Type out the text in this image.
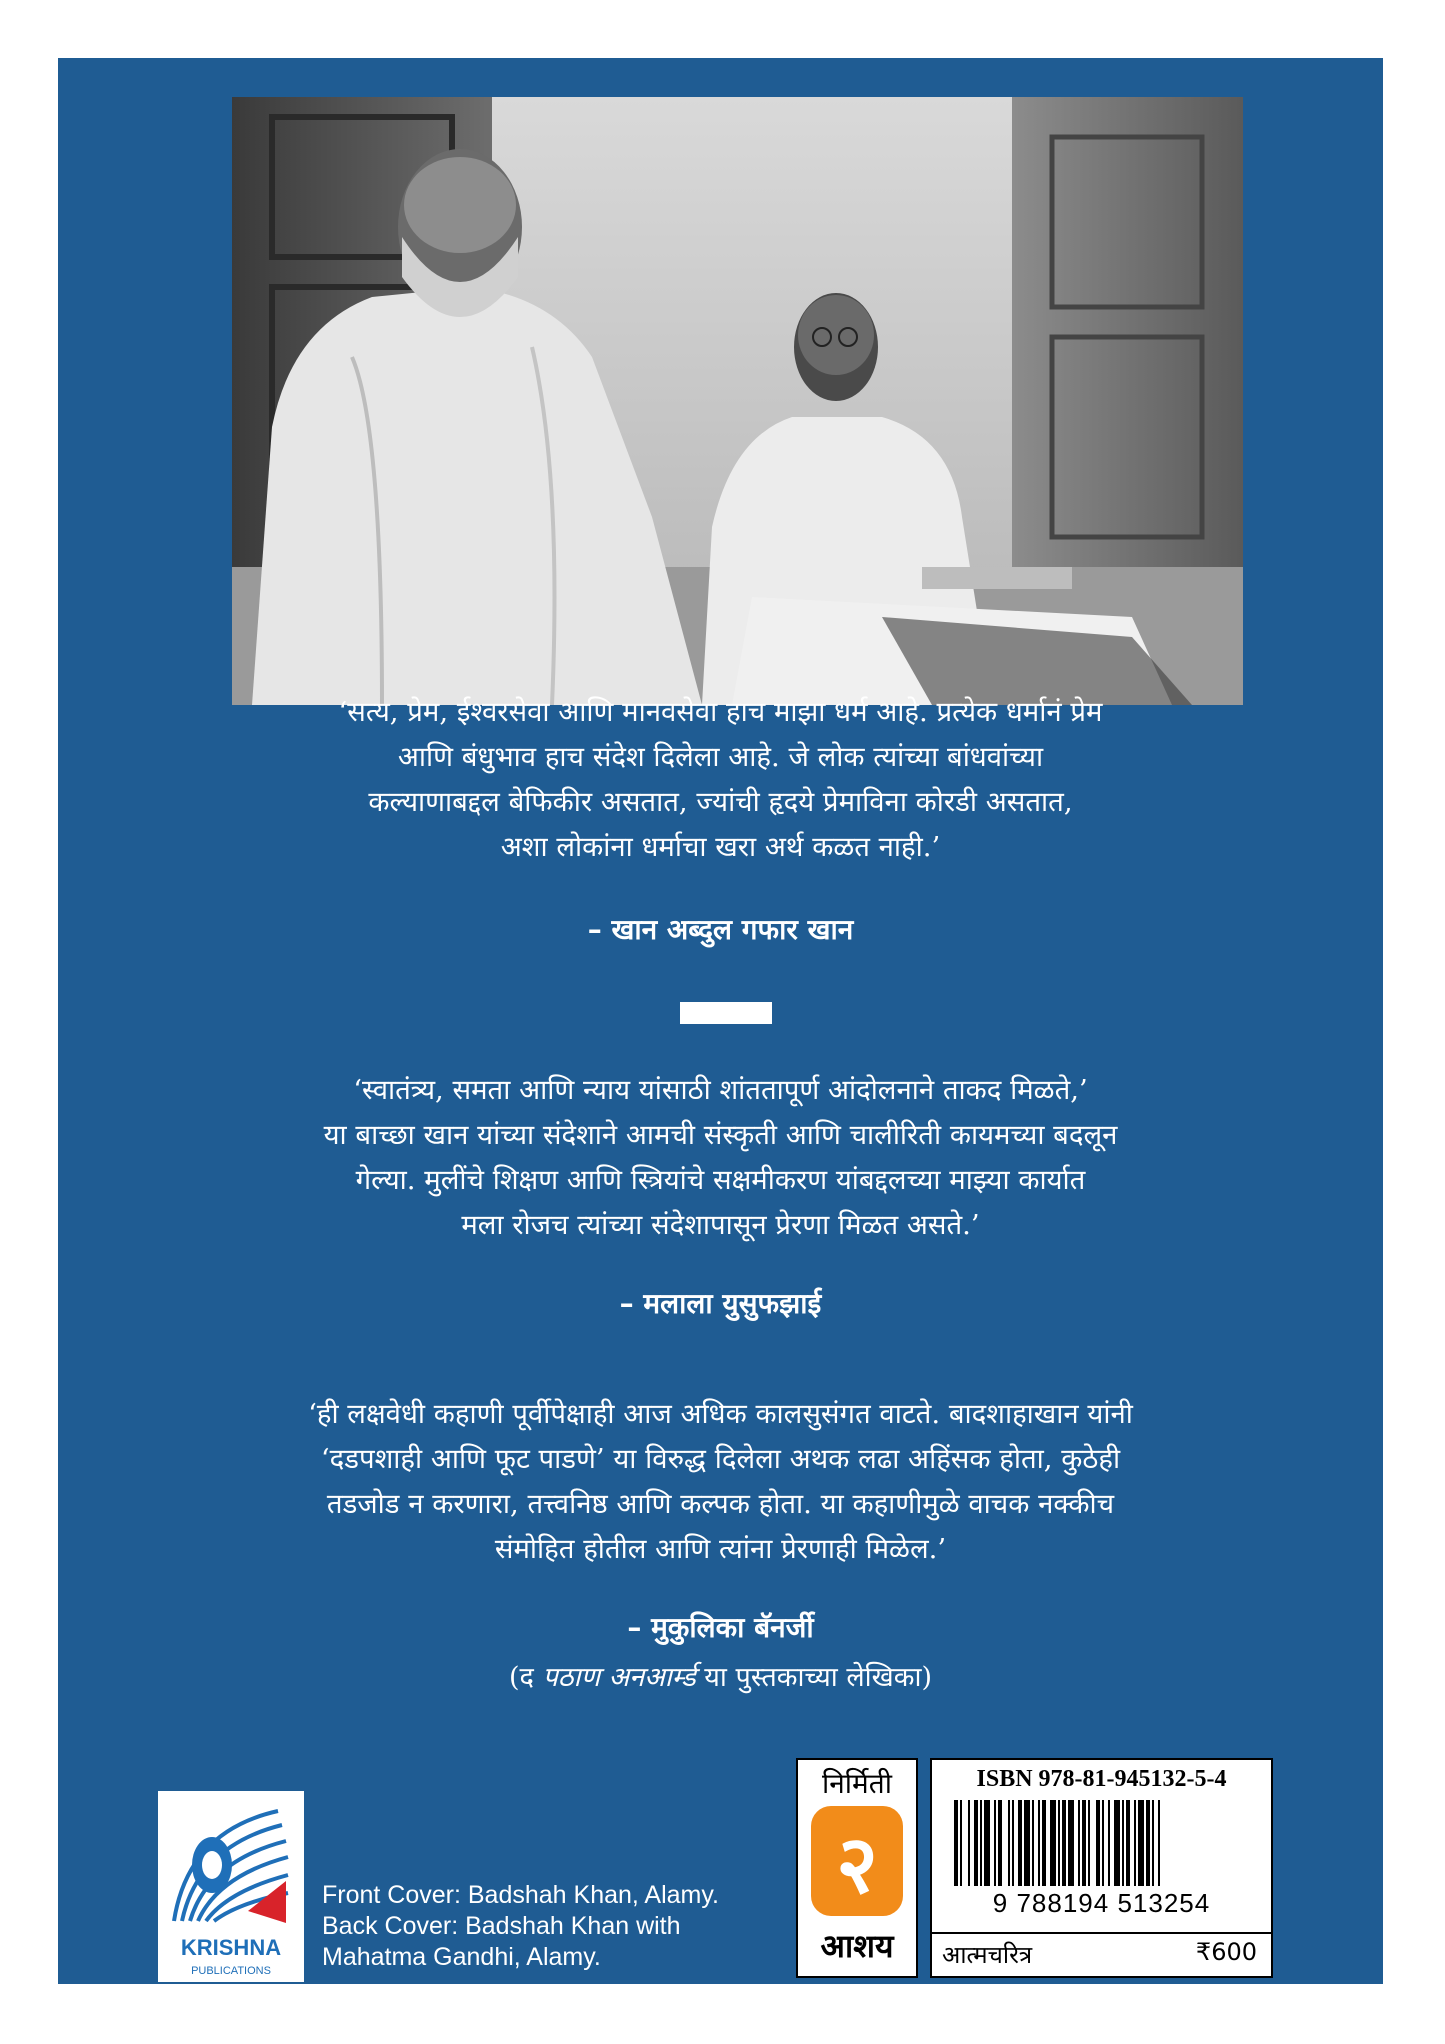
‘सत्य, प्रेम, ईश्वरसेवा आणि मानवसेवा हाच माझा धर्म आहे. प्रत्येक धर्मानं प्रेम

आणि बंधुभाव हाच संदेश दिलेला आहे. जे लोक त्यांच्या बांधवांच्या

कल्याणाबद्दल बेफिकीर असतात, ज्यांची हृदये प्रेमाविना कोरडी असतात,

अशा लोकांना धर्माचा खरा अर्थ कळत नाही.’

– खान अब्दुल गफार खान

‘स्वातंत्र्य, समता आणि न्याय यांसाठी शांततापूर्ण आंदोलनाने ताकद मिळते,’

या बाच्छा खान यांच्या संदेशाने आमची संस्कृती आणि चालीरिती कायमच्या बदलून

गेल्या. मुलींचे शिक्षण आणि स्त्रियांचे सक्षमीकरण यांबद्दलच्या माझ्या कार्यात

मला रोजच त्यांच्या संदेशापासून प्रेरणा मिळत असते.’

– मलाला युसुफझाई

‘ही लक्षवेधी कहाणी पूर्वीपेक्षाही आज अधिक कालसुसंगत वाटते. बादशाहाखान यांनी

‘दडपशाही आणि फूट पाडणे’ या विरुद्ध दिलेला अथक लढा अहिंसक होता, कुठेही

तडजोड न करणारा, तत्त्वनिष्ठ आणि कल्पक होता. या कहाणीमुळे वाचक नक्कीच

संमोहित होतील आणि त्यांना प्रेरणाही मिळेल.’

– मुकुलिका बॅनर्जी
(द पठाण अनआर्म्ड या पुस्तकाच्या लेखिका)
KRISHNA
PUBLICATIONS
Front Cover: Badshah Khan, Alamy.
Back Cover: Badshah Khan with
Mahatma Gandhi, Alamy.
निर्मिती
२
आशय
ISBN 978-81-945132-5-4
9 788194 513254
आत्मचरित्र	₹600
